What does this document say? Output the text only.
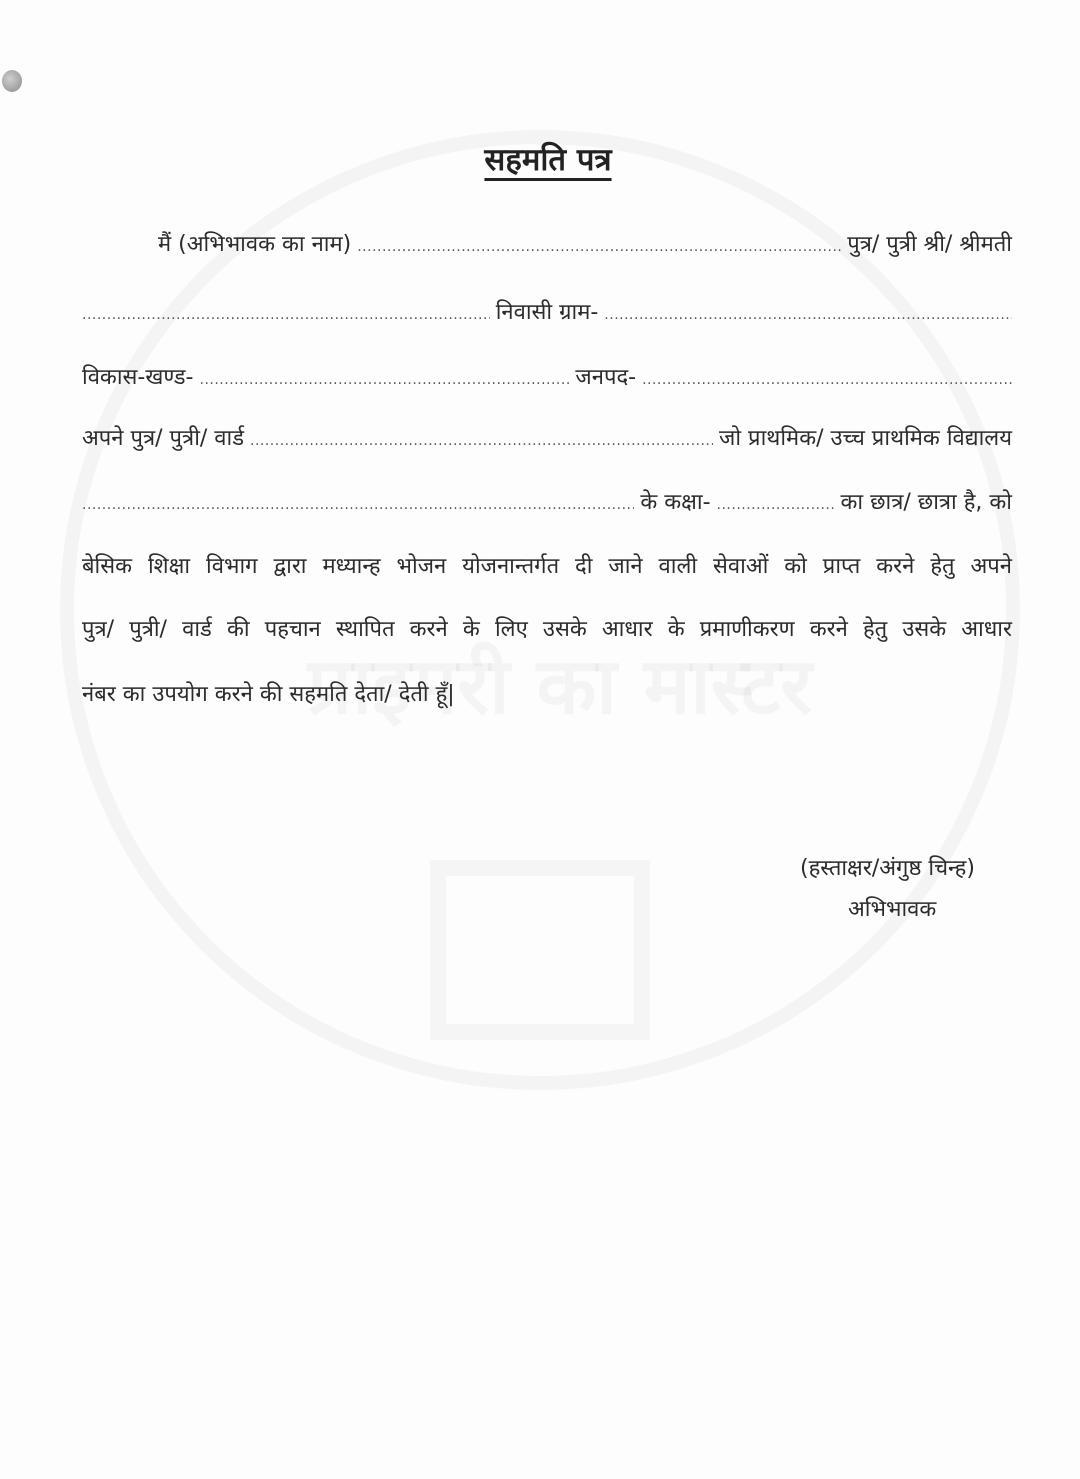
सहमति पत्र
मैं (अभिभावक का नाम) .....	पुत्र/ पुत्री श्री/ श्रीमती
.....
निवासी ग्राम-
.....
विकास-खण्ड- .....	जनपद-
.....
अपने पुत्र/ पुत्री/ वार्ड .....	जो प्राथमिक/ उच्च प्राथमिक विद्यालय
.....
के कक्षा- .....	का छात्र/ छात्रा है, को
बेसिक शिक्षा विभाग द्वारा मध्यान्ह भोजन योजनान्तर्गत दी जाने वाली सेवाओं को प्राप्त करने हेतु अपने
पुत्र/ पुत्री/ वार्ड की पहचान स्थापित करने के लिए उसके आधार के प्रमाणीकरण करने हेतु उसके आधार
नंबर का उपयोग करने की सहमति देता/ देती हूँ|
(हस्ताक्षर/अंगुष्ठ चिन्ह)
अभिभावक
